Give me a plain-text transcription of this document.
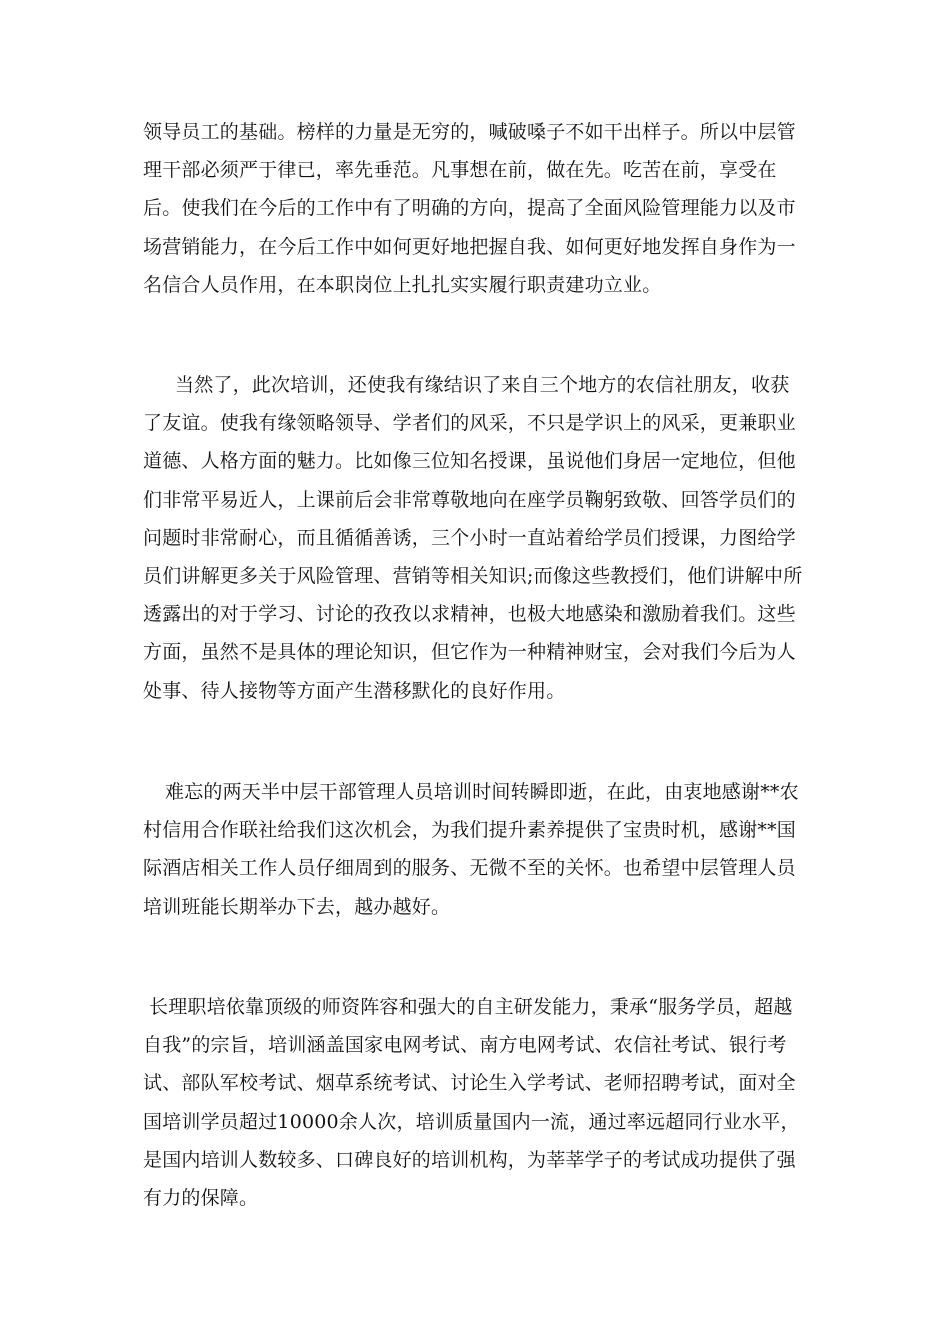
领导员工的基础。榜样的力量是无穷的，喊破嗓子不如干出样子。所以中层管理干部必须严于律已，率先垂范。凡事想在前，做在先。吃苦在前，享受在后。使我们在今后的工作中有了明确的方向，提高了全面风险管理能力以及市场营销能力，在今后工作中如何更好地把握自我、如何更好地发挥自身作为一名信合人员作用，在本职岗位上扎扎实实履行职责建功立业。

当然了，此次培训，还使我有缘结识了来自三个地方的农信社朋友，收获了友谊。使我有缘领略领导、学者们的风采，不只是学识上的风采，更兼职业道德、人格方面的魅力。比如像三位知名授课，虽说他们身居一定地位，但他们非常平易近人，上课前后会非常尊敬地向在座学员鞠躬致敬、回答学员们的问题时非常耐心，而且循循善诱，三个小时一直站着给学员们授课，力图给学员们讲解更多关于风险管理、营销等相关知识;而像这些教授们，他们讲解中所透露出的对于学习、讨论的孜孜以求精神，也极大地感染和激励着我们。这些方面，虽然不是具体的理论知识，但它作为一种精神财宝，会对我们今后为人处事、待人接物等方面产生潜移默化的良好作用。

难忘的两天半中层干部管理人员培训时间转瞬即逝，在此，由衷地感谢**农村信用合作联社给我们这次机会，为我们提升素养提供了宝贵时机，感谢**国际酒店相关工作人员仔细周到的服务、无微不至的关怀。也希望中层管理人员培训班能长期举办下去，越办越好。

长理职培依靠顶级的师资阵容和强大的自主研发能力，秉承“服务学员，超越自我”的宗旨，培训涵盖国家电网考试、南方电网考试、农信社考试、银行考试、部队军校考试、烟草系统考试、讨论生入学考试、老师招聘考试，面对全国培训学员超过10000余人次，培训质量国内一流，通过率远超同行业水平，是国内培训人数较多、口碑良好的培训机构，为莘莘学子的考试成功提供了强有力的保障。
